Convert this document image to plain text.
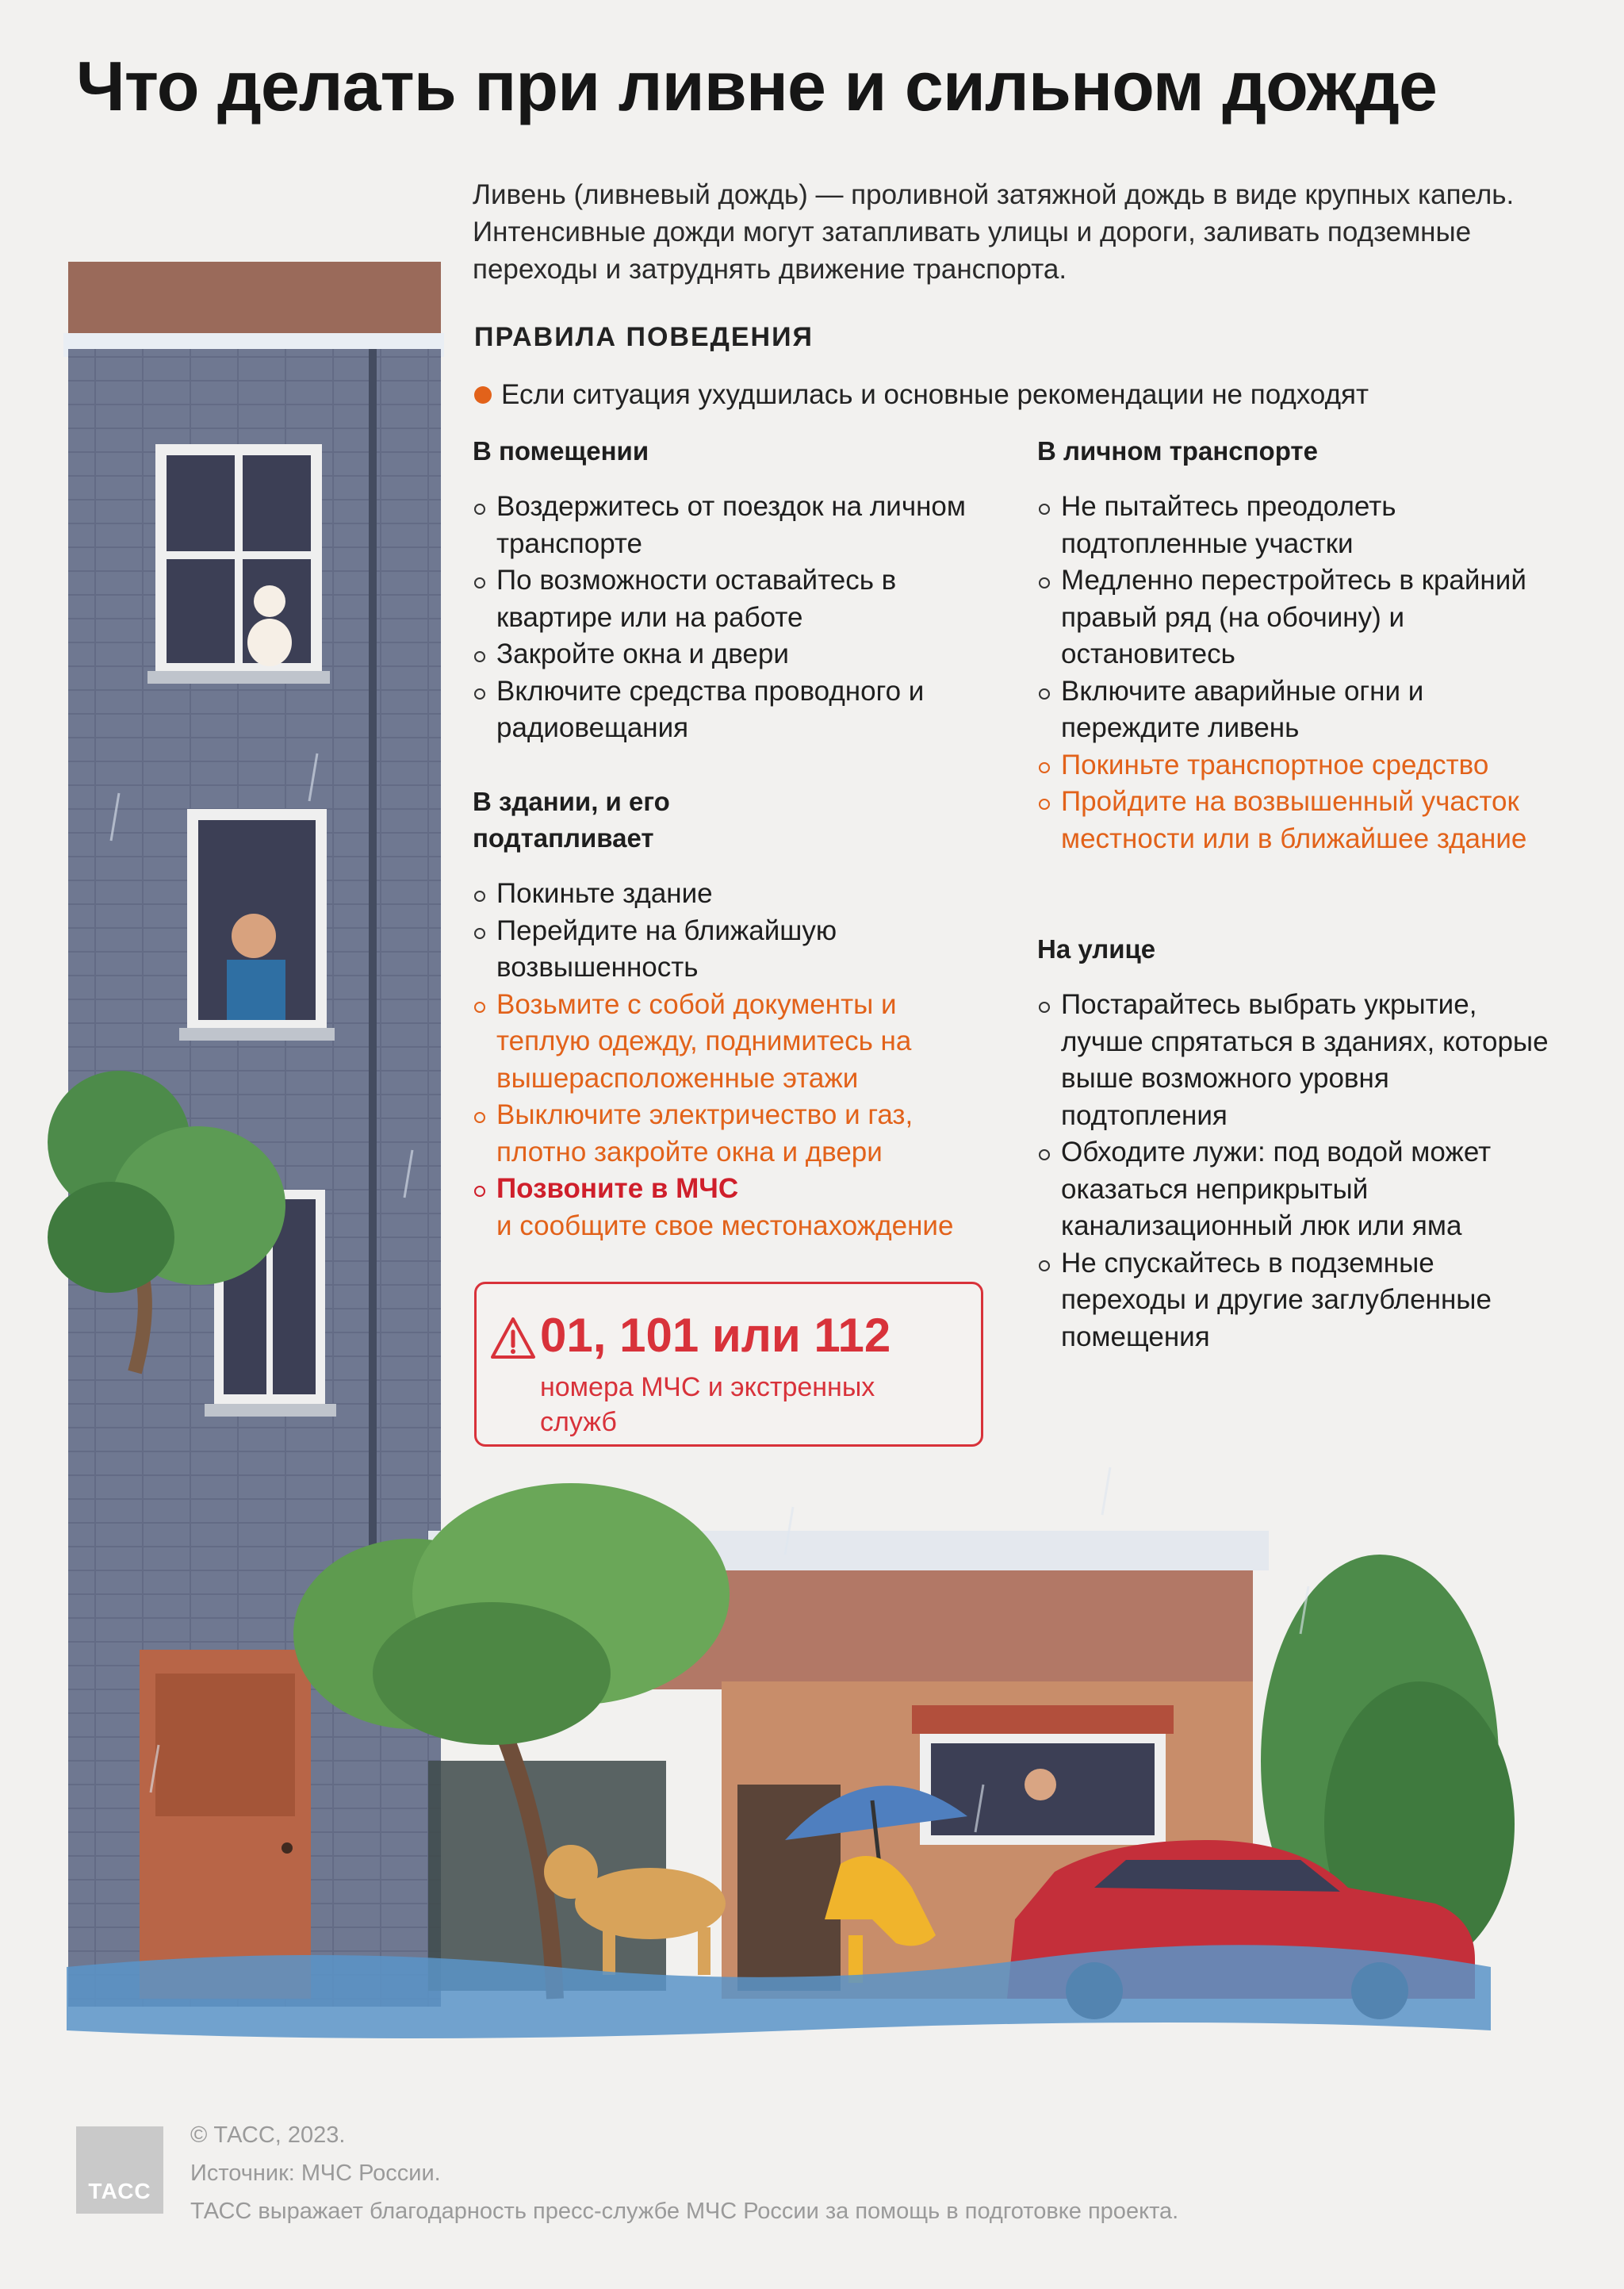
Что делать при ливне и сильном дожде
Ливень (ливневый дождь) — проливной затяжной дождь в виде крупных капель. Интенсивные дожди могут затапливать улицы и дороги, заливать подземные переходы и затруднять движение транспорта.
ПРАВИЛА ПОВЕДЕНИЯ
Если ситуация ухудшилась и основные рекомендации не подходят
В помещении
Воздержитесь от поездок на личном транспорте
По возможности оставайтесь в квартире или на работе
Закройте окна и двери
Включите средства проводного и радиовещания
В здании, и его подтапливает
Покиньте здание
Перейдите на ближайшую возвышенность
Возьмите с собой документы и теплую одежду, поднимитесь на вышерасположенные этажи
Выключите электричество и газ, плотно закройте окна и двери
Позвоните в МЧС
и сообщите свое местонахождение
01, 101 или 112
номера МЧС и экстренных служб
В личном транспорте
Не пытайтесь преодолеть подтопленные участки
Медленно перестройтесь в крайний правый ряд (на обочину) и остановитесь
Включите аварийные огни и переждите ливень
Покиньте транспортное средство
Пройдите на возвышенный участок местности или в ближайшее здание
На улице
Постарайтесь выбрать укрытие, лучше спрятаться в зданиях, которые выше возможного уровня подтопления
Обходите лужи: под водой может оказаться неприкрытый канализационный люк или яма
Не спускайтесь в подземные переходы и другие заглубленные помещения
ТАСС
© ТАСС, 2023.
Источник: МЧС России.
ТАСС выражает благодарность пресс-службе МЧС России за помощь в подготовке проекта.
